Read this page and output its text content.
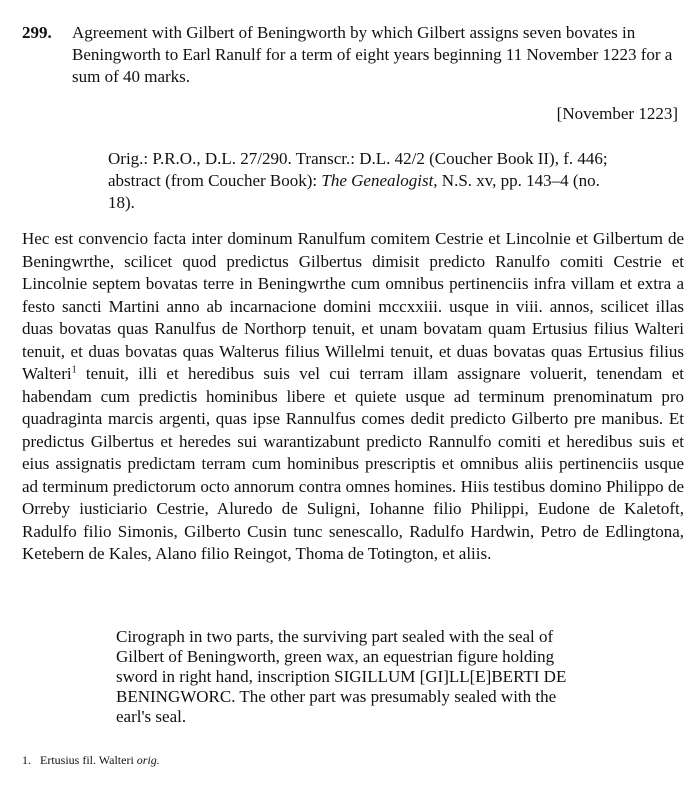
299. Agreement with Gilbert of Beningworth by which Gilbert assigns seven bovates in Beningworth to Earl Ranulf for a term of eight years beginning 11 November 1223 for a sum of 40 marks.
[November 1223]
Orig.: P.R.O., D.L. 27/290. Transcr.: D.L. 42/2 (Coucher Book II), f. 446; abstract (from Coucher Book): The Genealogist, N.S. xv, pp. 143–4 (no. 18).
Hec est convencio facta inter dominum Ranulfum comitem Cestrie et Lincolnie et Gilbertum de Beningwrthe, scilicet quod predictus Gilbertus dimisit predicto Ranulfo comiti Cestrie et Lincolnie septem bovatas terre in Beningwrthe cum omnibus pertinenciis infra villam et extra a festo sancti Martini anno ab incarnacione domini mccxxiii. usque in viii. annos, scilicet illas duas bovatas quas Ranulfus de Northorp tenuit, et unam bovatam quam Ertusius filius Walteri tenuit, et duas bovatas quas Walterus filius Willelmi tenuit, et duas bovatas quas Ertusius filius Walteri$^1$ tenuit, illi et heredibus suis vel cui terram illam assignare voluerit, tenendam et habendam cum predictis hominibus libere et quiete usque ad terminum prenominatum pro quadraginta marcis argenti, quas ipse Rannulfus comes dedit predicto Gilberto pre manibus. Et predictus Gilbertus et heredes sui warantizabunt predicto Rannulfo comiti et heredibus suis et eius assignatis predictam terram cum hominibus prescriptis et omnibus aliis pertinenciis usque ad terminum predictorum octo annorum contra omnes homines. Hiis testibus domino Philippo de Orreby iusticiario Cestrie, Aluredo de Suligni, Iohanne filio Philippi, Eudone de Kaletoft, Radulfo filio Simonis, Gilberto Cusin tunc senescallo, Radulfo Hardwin, Petro de Edlingtona, Ketebern de Kales, Alano filio Reingot, Thoma de Totington, et aliis.
Cirograph in two parts, the surviving part sealed with the seal of Gilbert of Beningworth, green wax, an equestrian figure holding sword in right hand, inscription SIGILLUM [GI]LL[E]BERTI DE BENINGWORC. The other part was presumably sealed with the earl's seal.
1. Ertusius fil. Walteri orig.
